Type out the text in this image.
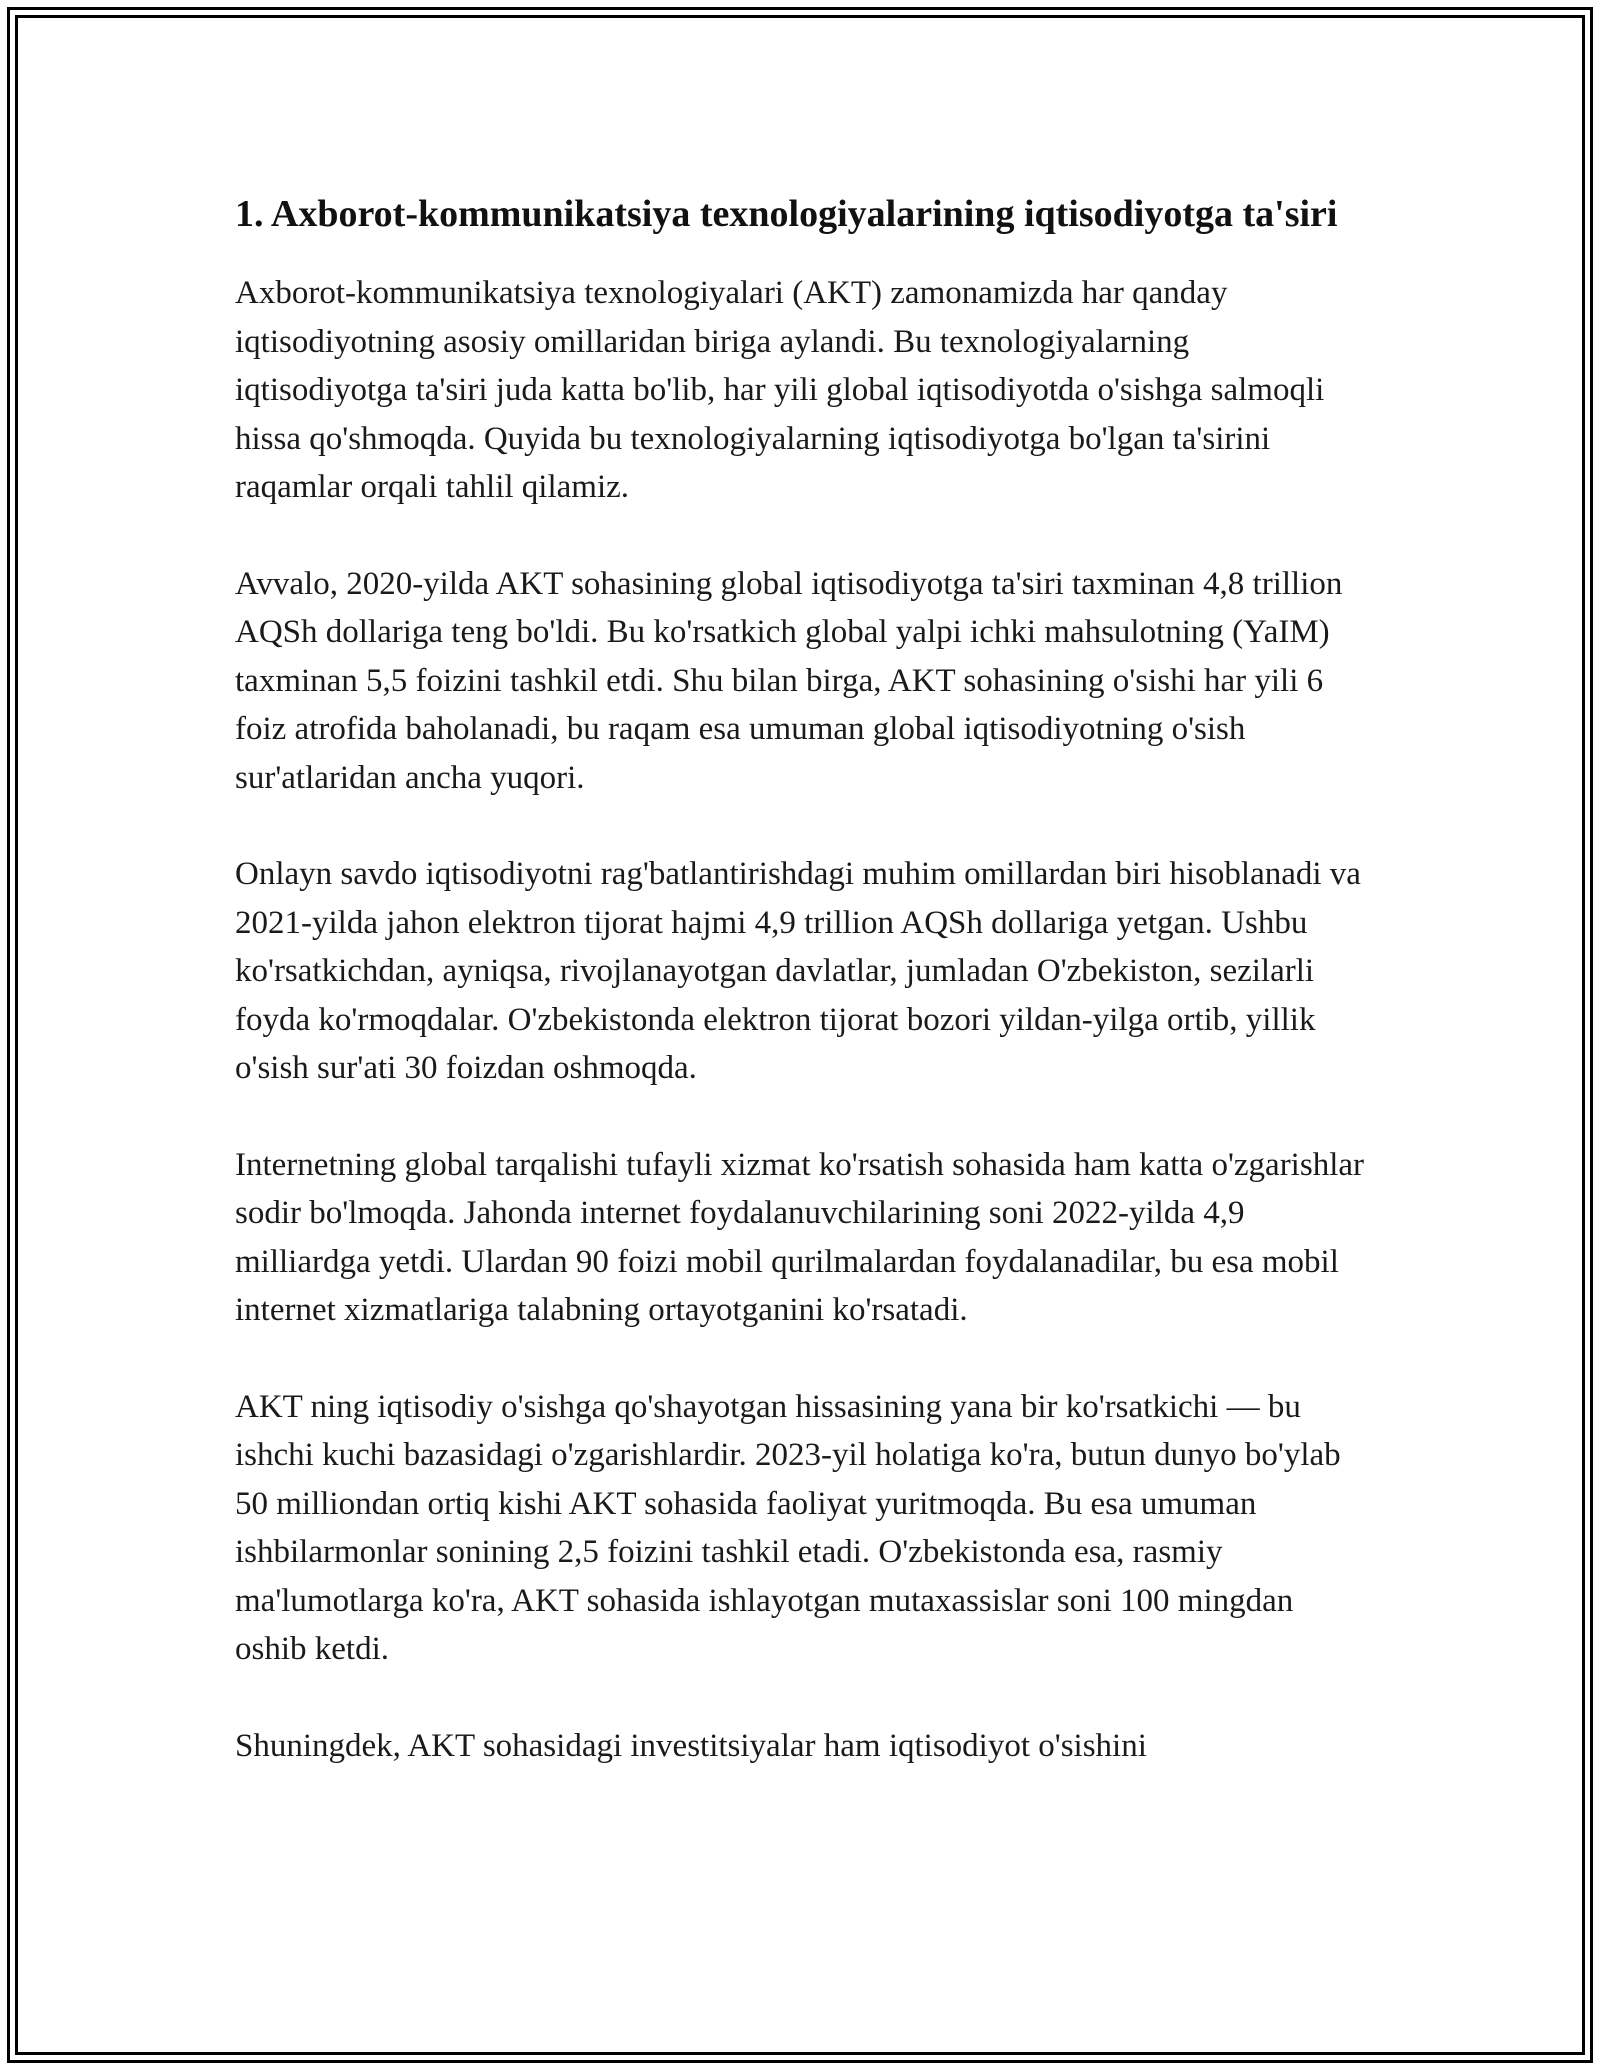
1. Axborot-kommunikatsiya texnologiyalarining iqtisodiyotga ta'siri

Axborot-kommunikatsiya texnologiyalari (AKT) zamonamizda har qanday iqtisodiyotning asosiy omillaridan biriga aylandi. Bu texnologiyalarning iqtisodiyotga ta'siri juda katta bo'lib, har yili global iqtisodiyotda o'sishga salmoqli hissa qo'shmoqda. Quyida bu texnologiyalarning iqtisodiyotga bo'lgan ta'sirini raqamlar orqali tahlil qilamiz.

Avvalo, 2020-yilda AKT sohasining global iqtisodiyotga ta'siri taxminan 4,8 trillion AQSh dollariga teng bo'ldi. Bu ko'rsatkich global yalpi ichki mahsulotning (YaIM) taxminan 5,5 foizini tashkil etdi. Shu bilan birga, AKT sohasining o'sishi har yili 6 foiz atrofida baholanadi, bu raqam esa umuman global iqtisodiyotning o'sish sur'atlaridan ancha yuqori.

Onlayn savdo iqtisodiyotni rag'batlantirishdagi muhim omillardan biri hisoblanadi va 2021-yilda jahon elektron tijorat hajmi 4,9 trillion AQSh dollariga yetgan. Ushbu ko'rsatkichdan, ayniqsa, rivojlanayotgan davlatlar, jumladan O'zbekiston, sezilarli foyda ko'rmoqdalar. O'zbekistonda elektron tijorat bozori yildan-yilga ortib, yillik o'sish sur'ati 30 foizdan oshmoqda.

Internetning global tarqalishi tufayli xizmat ko'rsatish sohasida ham katta o'zgarishlar sodir bo'lmoqda. Jahonda internet foydalanuvchilarining soni 2022-yilda 4,9 milliardga yetdi. Ulardan 90 foizi mobil qurilmalardan foydalanadilar, bu esa mobil internet xizmatlariga talabning ortayotganini ko'rsatadi.

AKT ning iqtisodiy o'sishga qo'shayotgan hissasining yana bir ko'rsatkichi — bu ishchi kuchi bazasidagi o'zgarishlardir. 2023-yil holatiga ko'ra, butun dunyo bo'ylab 50 milliondan ortiq kishi AKT sohasida faoliyat yuritmoqda. Bu esa umuman ishbilarmonlar sonining 2,5 foizini tashkil etadi. O'zbekistonda esa, rasmiy ma'lumotlarga ko'ra, AKT sohasida ishlayotgan mutaxassislar soni 100 mingdan oshib ketdi.

Shuningdek, AKT sohasidagi investitsiyalar ham iqtisodiyot o'sishini
